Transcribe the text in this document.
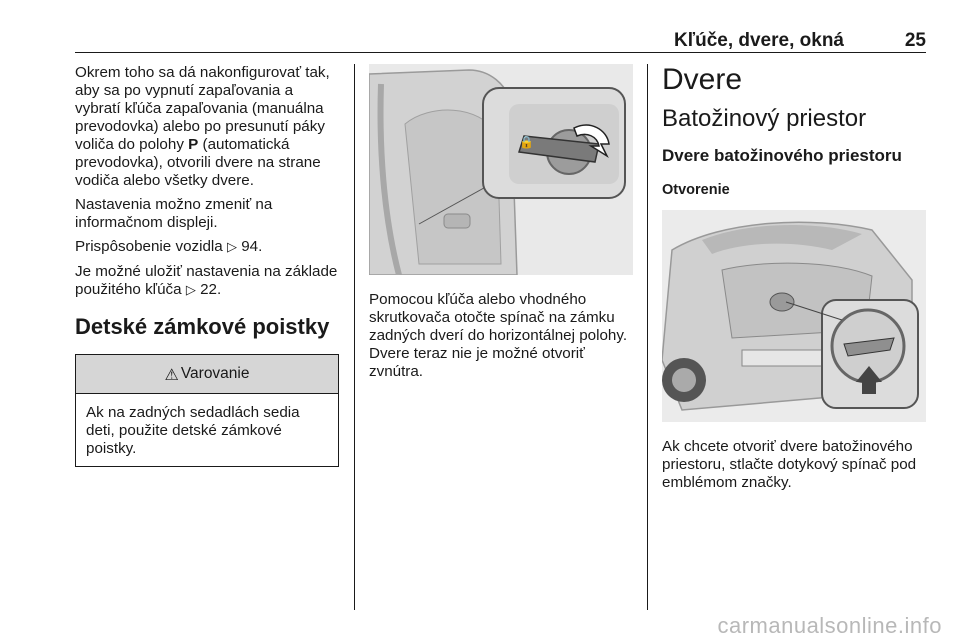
Kľúče, dvere, okná	25

Okrem toho sa dá nakonfigurovať tak, aby sa po vypnutí zapaľovania a vybratí kľúča zapaľovania (manuálna prevodovka) alebo po presunutí páky voliča do polohy P (automatická prevodovka), otvorili dvere na strane vodiča alebo všetky dvere.

Nastavenia možno zmeniť na informačnom displeji.

Prispôsobenie vozidla ▷ 94.

Je možné uložiť nastavenia na základe použitého kľúča ▷ 22.

Detské zámkové poistky
⚠ Varovanie
Ak na zadných sedadlách sedia deti, použite detské zámkové poistky.
🔒

Pomocou kľúča alebo vhodného skrutkovača otočte spínač na zámku zadných dverí do horizontálnej polohy. Dvere teraz nie je možné otvoriť zvnútra.

Dvere
Batožinový priestor
Dvere batožinového priestoru
Otvorenie

Ak chcete otvoriť dvere batožinového priestoru, stlačte dotykový spínač pod emblémom značky.

carmanualsonline.info
